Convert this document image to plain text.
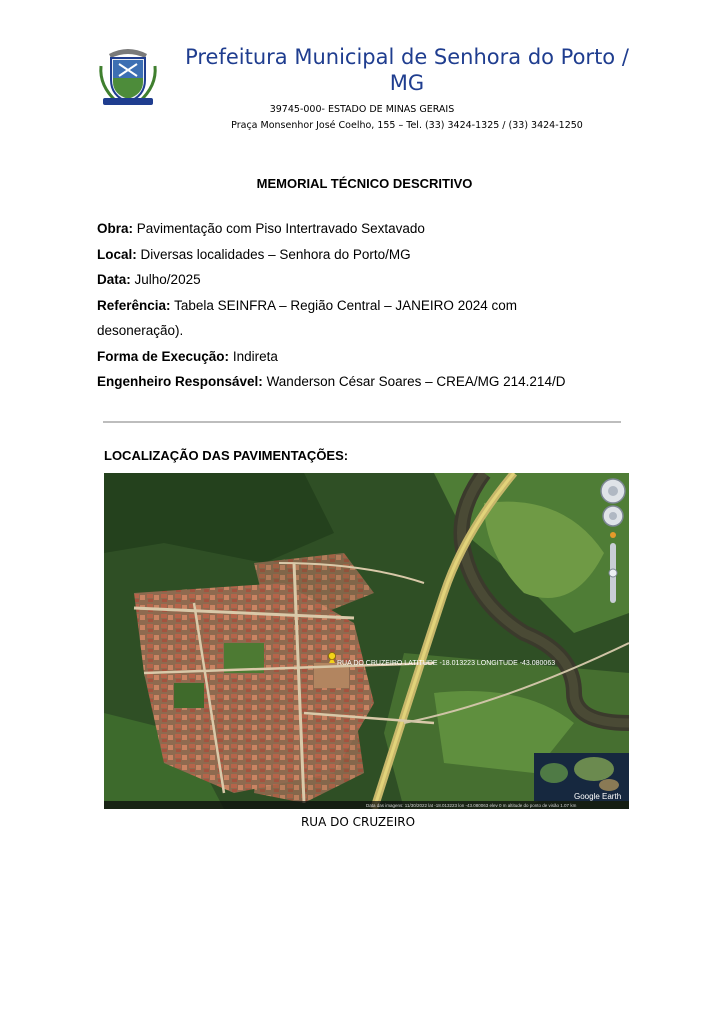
Prefeitura Municipal de Senhora do Porto / MG
39745-000- ESTADO DE MINAS GERAIS
Praça Monsenhor José Coelho, 155 – Tel. (33) 3424-1325 / (33) 3424-1250
MEMORIAL TÉCNICO DESCRITIVO
Obra: Pavimentação com Piso Intertravado Sextavado
Local: Diversas localidades – Senhora do Porto/MG
Data: Julho/2025
Referência: Tabela SEINFRA – Região Central – JANEIRO 2024 com
desoneração).
Forma de Execução: Indireta
Engenheiro Responsável: Wanderson César Soares – CREA/MG 214.214/D
LOCALIZAÇÃO DAS PAVIMENTAÇÕES:
RUA DO CRUZEIRO LATITUDE -18.013223 LONGITUDE -43.080063
Google Earth
Data das imagens: 11/30/2022 lat -18.013223 lon -43.080063 elev 0 m altitude do ponto de visão 1.07 km
RUA DO CRUZEIRO
